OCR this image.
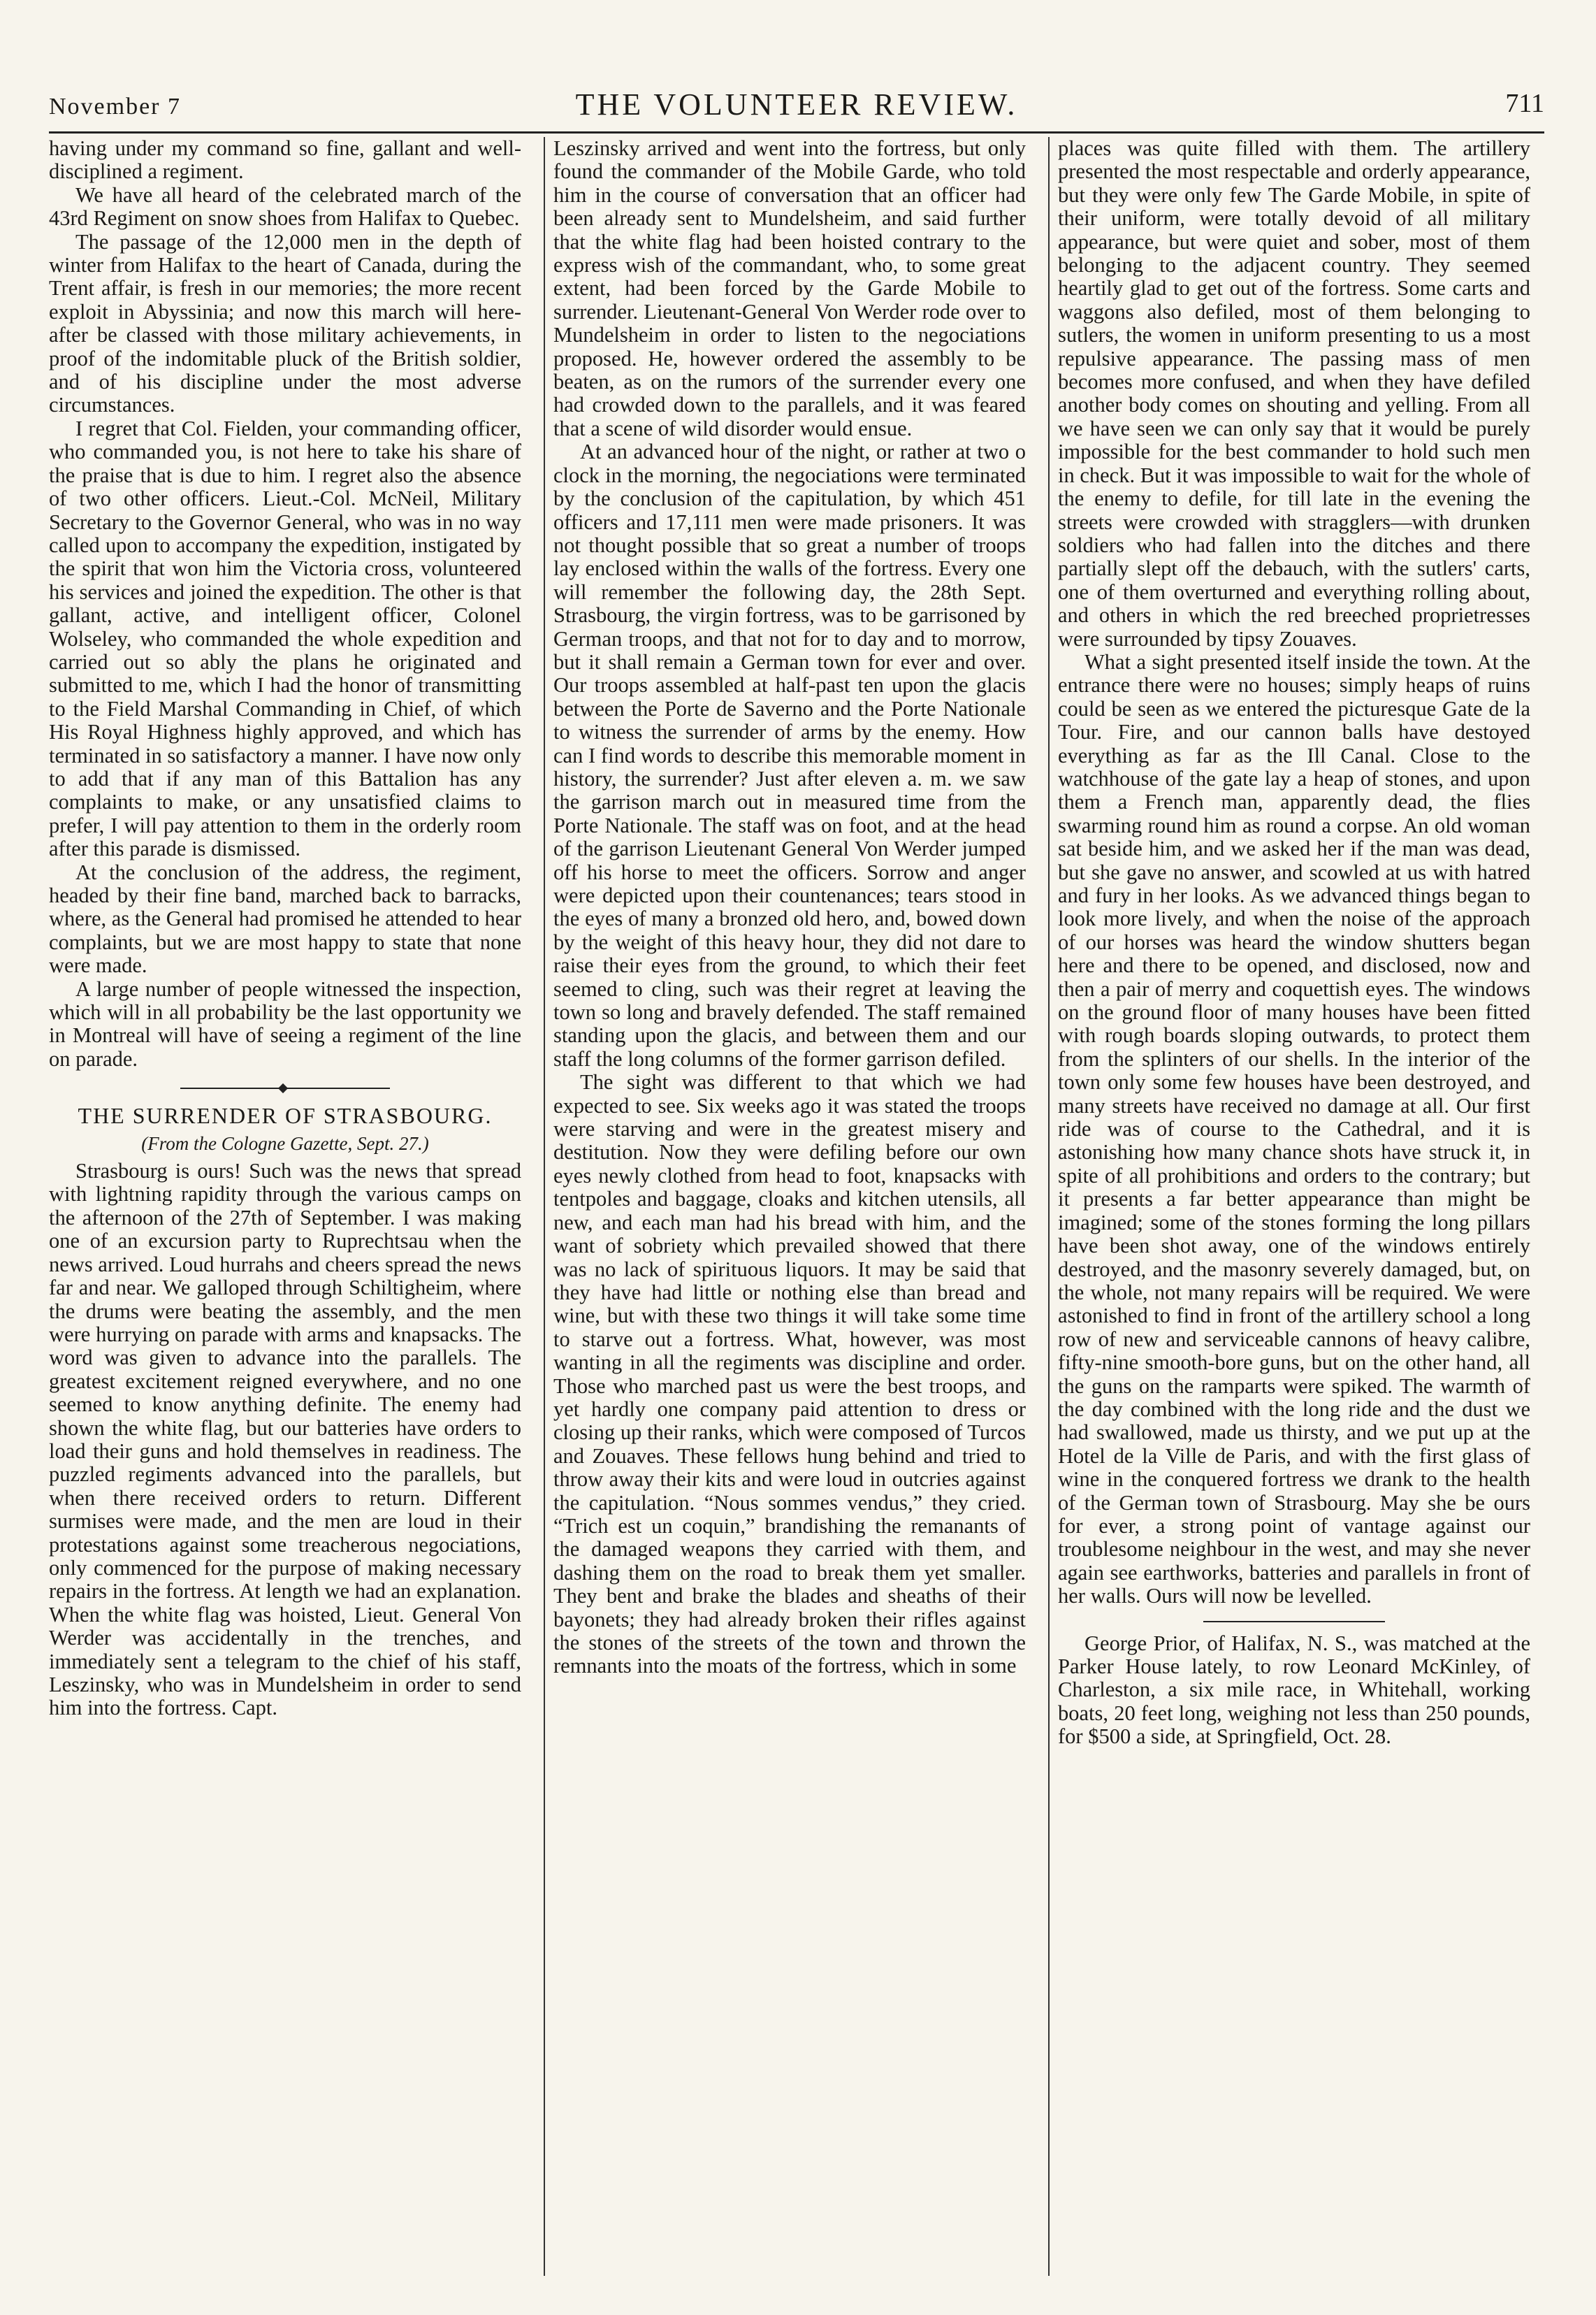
November 7	THE VOLUNTEER REVIEW.	711

having under my command so fine, gallant and well-disciplined a regiment.

We have all heard of the celebrated march of the 43rd Regiment on snow shoes from Halifax to Quebec.

The passage of the 12,000 men in the depth of winter from Halifax to the heart of Canada, during the Trent affair, is fresh in our memories; the more recent exploit in Abyssinia; and now this march will here-after be classed with those military achievements, in proof of the indomitable pluck of the British soldier, and of his discipline under the most adverse circumstances.

I regret that Col. Fielden, your commanding officer, who commanded you, is not here to take his share of the praise that is due to him. I regret also the absence of two other officers. Lieut.-Col. McNeil, Military Secretary to the Governor General, who was in no way called upon to accompany the expedition, instigated by the spirit that won him the Victoria cross, volunteered his services and joined the expedition. The other is that gallant, active, and intelligent officer, Colonel Wolseley, who commanded the whole expedition and carried out so ably the plans he originated and submitted to me, which I had the honor of transmitting to the Field Marshal Commanding in Chief, of which His Royal Highness highly approved, and which has terminated in so satisfactory a manner. I have now only to add that if any man of this Battalion has any complaints to make, or any unsatisfied claims to prefer, I will pay attention to them in the orderly room after this parade is dismissed.

At the conclusion of the address, the regiment, headed by their fine band, marched back to barracks, where, as the General had promised he attended to hear complaints, but we are most happy to state that none were made.

A large number of people witnessed the inspection, which will in all probability be the last opportunity we in Montreal will have of seeing a regiment of the line on parade.

THE SURRENDER OF STRASBOURG.

(From the Cologne Gazette, Sept. 27.)

Strasbourg is ours! Such was the news that spread with lightning rapidity through the various camps on the afternoon of the 27th of September. I was making one of an excursion party to Ruprechtsau when the news arrived. Loud hurrahs and cheers spread the news far and near. We galloped through Schiltigheim, where the drums were beating the assembly, and the men were hurrying on parade with arms and knapsacks. The word was given to advance into the parallels. The greatest excitement reigned everywhere, and no one seemed to know anything definite. The enemy had shown the white flag, but our batteries have orders to load their guns and hold themselves in readiness. The puzzled regiments advanced into the parallels, but when there received orders to return. Different surmises were made, and the men are loud in their protestations against some treacherous negociations, only commenced for the purpose of making necessary repairs in the fortress. At length we had an explanation. When the white flag was hoisted, Lieut. General Von Werder was accidentally in the trenches, and immediately sent a telegram to the chief of his staff, Leszinsky, who was in Mundelsheim in order to send him into the fortress. Capt.

Leszinsky arrived and went into the fortress, but only found the commander of the Mobile Garde, who told him in the course of conversation that an officer had been already sent to Mundelsheim, and said further that the white flag had been hoisted contrary to the express wish of the commandant, who, to some great extent, had been forced by the Garde Mobile to surrender. Lieutenant-General Von Werder rode over to Mundelsheim in order to listen to the negociations proposed. He, however ordered the assembly to be beaten, as on the rumors of the surrender every one had crowded down to the parallels, and it was feared that a scene of wild disorder would ensue.

At an advanced hour of the night, or rather at two o clock in the morning, the negociations were terminated by the conclusion of the capitulation, by which 451 officers and 17,111 men were made prisoners. It was not thought possible that so great a number of troops lay enclosed within the walls of the fortress. Every one will remember the following day, the 28th Sept. Strasbourg, the virgin fortress, was to be garrisoned by German troops, and that not for to day and to morrow, but it shall remain a German town for ever and over. Our troops assembled at half-past ten upon the glacis between the Porte de Saverno and the Porte Nationale to witness the surrender of arms by the enemy. How can I find words to describe this memorable moment in history, the surrender? Just after eleven a. m. we saw the garrison march out in measured time from the Porte Nationale. The staff was on foot, and at the head of the garrison Lieutenant General Von Werder jumped off his horse to meet the officers. Sorrow and anger were depicted upon their countenances; tears stood in the eyes of many a bronzed old hero, and, bowed down by the weight of this heavy hour, they did not dare to raise their eyes from the ground, to which their feet seemed to cling, such was their regret at leaving the town so long and bravely defended. The staff remained standing upon the glacis, and between them and our staff the long columns of the former garrison defiled.

The sight was different to that which we had expected to see. Six weeks ago it was stated the troops were starving and were in the greatest misery and destitution. Now they were defiling before our own eyes newly clothed from head to foot, knapsacks with tentpoles and baggage, cloaks and kitchen utensils, all new, and each man had his bread with him, and the want of sobriety which prevailed showed that there was no lack of spirituous liquors. It may be said that they have had little or nothing else than bread and wine, but with these two things it will take some time to starve out a fortress. What, however, was most wanting in all the regiments was discipline and order. Those who marched past us were the best troops, and yet hardly one company paid attention to dress or closing up their ranks, which were composed of Turcos and Zouaves. These fellows hung behind and tried to throw away their kits and were loud in outcries against the capitulation. “Nous sommes vendus,” they cried. “Trich est un coquin,” brandishing the remanants of the damaged weapons they carried with them, and dashing them on the road to break them yet smaller. They bent and brake the blades and sheaths of their bayonets; they had already broken their rifles against the stones of the streets of the town and thrown the remnants into the moats of the fortress, which in some

places was quite filled with them. The artillery presented the most respectable and orderly appearance, but they were only few The Garde Mobile, in spite of their uniform, were totally devoid of all military appearance, but were quiet and sober, most of them belonging to the adjacent country. They seemed heartily glad to get out of the fortress. Some carts and waggons also defiled, most of them belonging to sutlers, the women in uniform presenting to us a most repulsive appearance. The passing mass of men becomes more confused, and when they have defiled another body comes on shouting and yelling. From all we have seen we can only say that it would be purely impossible for the best commander to hold such men in check. But it was impossible to wait for the whole of the enemy to defile, for till late in the evening the streets were crowded with stragglers—with drunken soldiers who had fallen into the ditches and there partially slept off the debauch, with the sutlers' carts, one of them overturned and everything rolling about, and others in which the red breeched proprietresses were surrounded by tipsy Zouaves.

What a sight presented itself inside the town. At the entrance there were no houses; simply heaps of ruins could be seen as we entered the picturesque Gate de la Tour. Fire, and our cannon balls have destoyed everything as far as the Ill Canal. Close to the watchhouse of the gate lay a heap of stones, and upon them a French man, apparently dead, the flies swarming round him as round a corpse. An old woman sat beside him, and we asked her if the man was dead, but she gave no answer, and scowled at us with hatred and fury in her looks. As we advanced things began to look more lively, and when the noise of the approach of our horses was heard the window shutters began here and there to be opened, and disclosed, now and then a pair of merry and coquettish eyes. The windows on the ground floor of many houses have been fitted with rough boards sloping outwards, to protect them from the splinters of our shells. In the interior of the town only some few houses have been destroyed, and many streets have received no damage at all. Our first ride was of course to the Cathedral, and it is astonishing how many chance shots have struck it, in spite of all prohibitions and orders to the contrary; but it presents a far better appearance than might be imagined; some of the stones forming the long pillars have been shot away, one of the windows entirely destroyed, and the masonry severely damaged, but, on the whole, not many repairs will be required. We were astonished to find in front of the artillery school a long row of new and serviceable cannons of heavy calibre, fifty-nine smooth-bore guns, but on the other hand, all the guns on the ramparts were spiked. The warmth of the day combined with the long ride and the dust we had swallowed, made us thirsty, and we put up at the Hotel de la Ville de Paris, and with the first glass of wine in the conquered fortress we drank to the health of the German town of Strasbourg. May she be ours for ever, a strong point of vantage against our troublesome neighbour in the west, and may she never again see earthworks, batteries and parallels in front of her walls. Ours will now be levelled.

George Prior, of Halifax, N. S., was matched at the Parker House lately, to row Leonard McKinley, of Charleston, a six mile race, in Whitehall, working boats, 20 feet long, weighing not less than 250 pounds, for $500 a side, at Springfield, Oct. 28.
